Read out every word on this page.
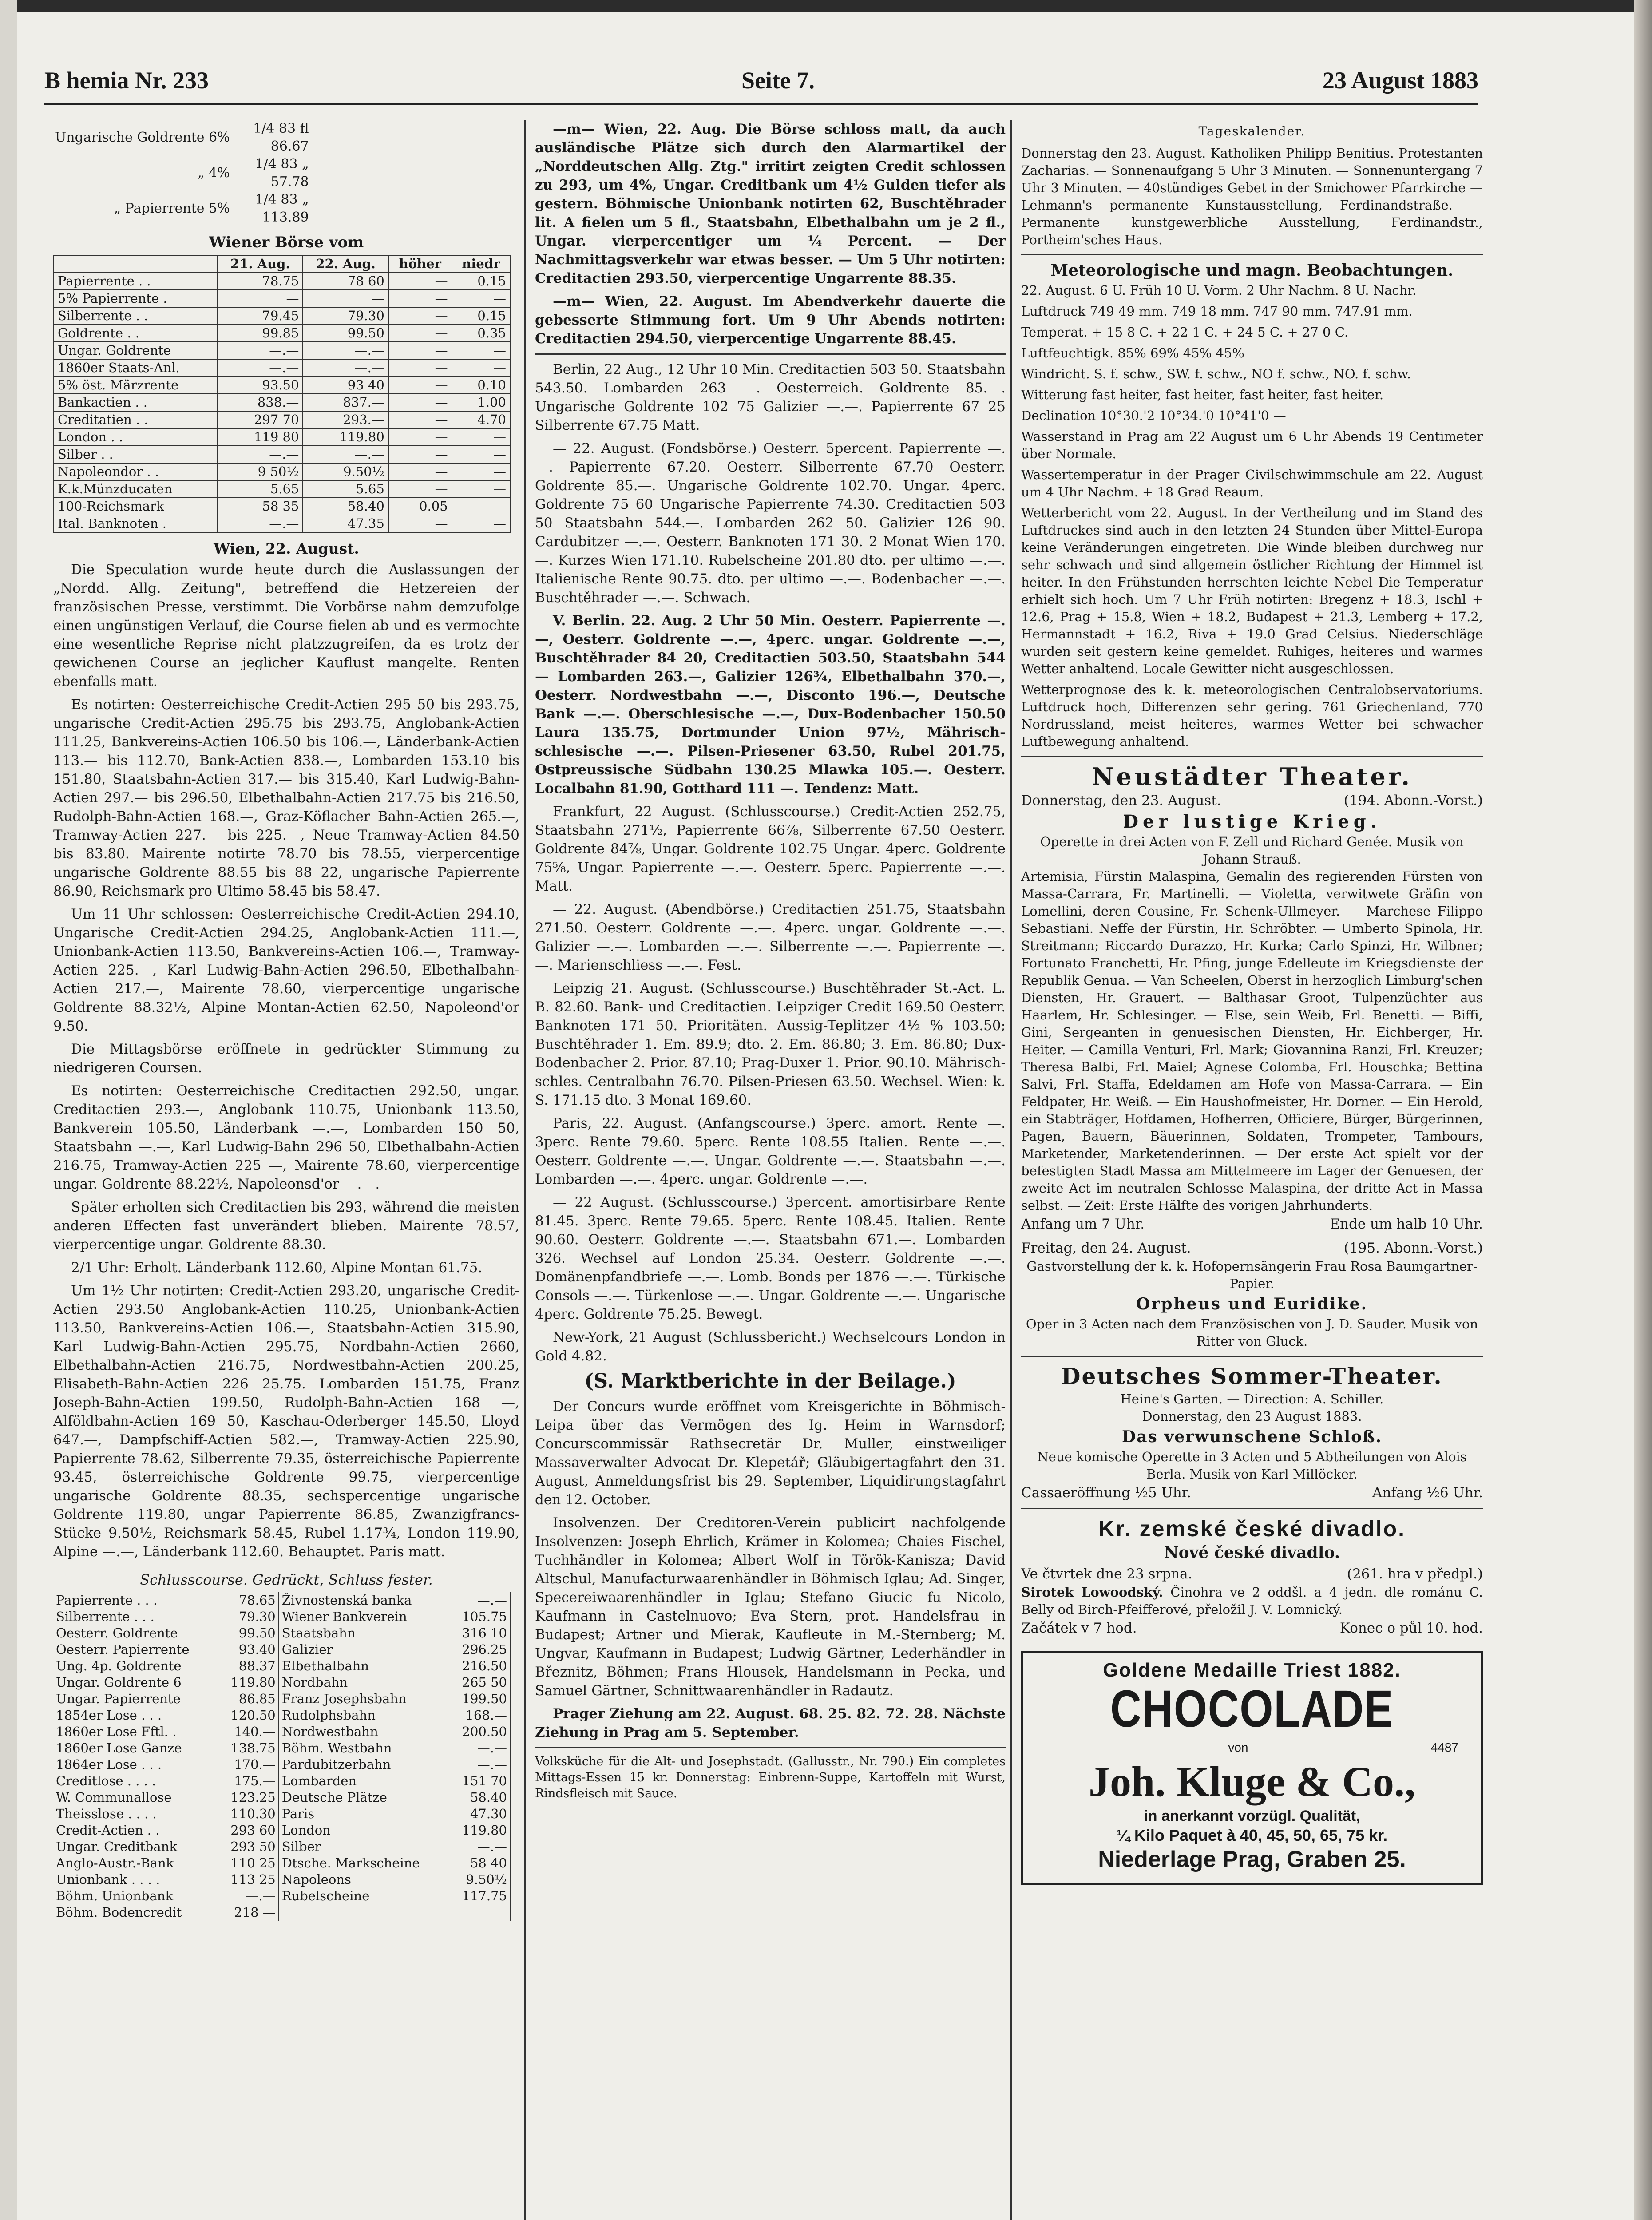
B hemia Nr. 233	Seite 7.	23 August 1883
Ungarische Goldrente 6%	1/4 83 fl 86.67
„ 4%	1/4 83 „ 57.78
„ Papierrente 5%	1/4 83 „ 113.89
Wiener Börse vom
	21. Aug.	22. Aug.	höher	niedr
Papierrente . .	78.75	78 60	—	0.15
5% Papierrente .	—	—	—	—
Silberrente . .	79.45	79.30	—	0.15
Goldrente . .	99.85	99.50	—	0.35
Ungar. Goldrente	—.—	—.—	—	—
1860er Staats-Anl.	—.—	—.—	—	—
5% öst. Märzrente	93.50	93 40	—	0.10
Bankactien . .	838.—	837.—	—	1.00
Creditatien . .	297 70	293.—	—	4.70
London . .	119 80	119.80	—	—
Silber . .	—.—	—.—	—	—
Napoleondor . .	9 50½	9.50½	—	—
K.k.Münzducaten	5.65	5.65	—	—
100-Reichsmark	58 35	58.40	0.05	—
Ital. Banknoten .	—.—	47.35	—	—
Wien, 22. August.

Die Speculation wurde heute durch die Auslassungen der „Nordd. Allg. Zeitung", betreffend die Hetzereien der französischen Presse, verstimmt. Die Vorbörse nahm demzufolge einen ungünstigen Verlauf, die Course fielen ab und es vermochte eine wesentliche Reprise nicht platzzugreifen, da es trotz der gewichenen Course an jeglicher Kauflust mangelte. Renten ebenfalls matt.

Es notirten: Oesterreichische Credit-Actien 295 50 bis 293.75, ungarische Credit-Actien 295.75 bis 293.75, Anglobank-Actien 111.25, Bankvereins-Actien 106.50 bis 106.—, Länderbank-Actien 113.— bis 112.70, Bank-Actien 838.—, Lombarden 153.10 bis 151.80, Staatsbahn-Actien 317.— bis 315.40, Karl Ludwig-Bahn-Actien 297.— bis 296.50, Elbethalbahn-Actien 217.75 bis 216.50, Rudolph-Bahn-Actien 168.—, Graz-Köflacher Bahn-Actien 265.—, Tramway-Actien 227.— bis 225.—, Neue Tramway-Actien 84.50 bis 83.80. Mairente notirte 78.70 bis 78.55, vierpercentige ungarische Goldrente 88.55 bis 88 22, ungarische Papierrente 86.90, Reichsmark pro Ultimo 58.45 bis 58.47.

Um 11 Uhr schlossen: Oesterreichische Credit-Actien 294.10, Ungarische Credit-Actien 294.25, Anglobank-Actien 111.—, Unionbank-Actien 113.50, Bankvereins-Actien 106.—, Tramway-Actien 225.—, Karl Ludwig-Bahn-Actien 296.50, Elbethalbahn-Actien 217.—, Mairente 78.60, vierpercentige ungarische Goldrente 88.32½, Alpine Montan-Actien 62.50, Napoleond'or 9.50.

Die Mittagsbörse eröffnete in gedrückter Stimmung zu niedrigeren Coursen.

Es notirten: Oesterreichische Creditactien 292.50, ungar. Creditactien 293.—, Anglobank 110.75, Unionbank 113.50, Bankverein 105.50, Länderbank —.—, Lombarden 150 50, Staatsbahn —.—, Karl Ludwig-Bahn 296 50, Elbethalbahn-Actien 216.75, Tramway-Actien 225 —, Mairente 78.60, vierpercentige ungar. Goldrente 88.22½, Napoleonsd'or —.—.

Später erholten sich Creditactien bis 293, während die meisten anderen Effecten fast unverändert blieben. Mairente 78.57, vierpercentige ungar. Goldrente 88.30.

2/1 Uhr: Erholt. Länderbank 112.60, Alpine Montan 61.75.

Um 1½ Uhr notirten: Credit-Actien 293.20, ungarische Credit-Actien 293.50 Anglobank-Actien 110.25, Unionbank-Actien 113.50, Bankvereins-Actien 106.—, Staatsbahn-Actien 315.90, Karl Ludwig-Bahn-Actien 295.75, Nordbahn-Actien 2660, Elbethalbahn-Actien 216.75, Nordwestbahn-Actien 200.25, Elisabeth-Bahn-Actien 226 25.75. Lombarden 151.75, Franz Joseph-Bahn-Actien 199.50, Rudolph-Bahn-Actien 168 —, Alföldbahn-Actien 169 50, Kaschau-Oderberger 145.50, Lloyd 647.—, Dampfschiff-Actien 582.—, Tramway-Actien 225.90, Papierrente 78.62, Silberrente 79.35, österreichische Papierrente 93.45, österreichische Goldrente 99.75, vierpercentige ungarische Goldrente 88.35, sechspercentige ungarische Goldrente 119.80, ungar Papierrente 86.85, Zwanzigfrancs-Stücke 9.50½, Reichsmark 58.45, Rubel 1.17¾, London 119.90, Alpine —.—, Länderbank 112.60. Behauptet. Paris matt.

Schlusscourse. Gedrückt, Schluss fester.
Papierrente . . .	78.65	Živnostenská banka	—.—
Silberrente . . .	79.30	Wiener Bankverein	105.75
Oesterr. Goldrente	99.50	Staatsbahn	316 10
Oesterr. Papierrente	93.40	Galizier	296.25
Ung. 4p. Goldrente	88.37	Elbethalbahn	216.50
Ungar. Goldrente 6	119.80	Nordbahn	265 50
Ungar. Papierrente	86.85	Franz Josephsbahn	199.50
1854er Lose . . .	120.50	Rudolphsbahn	168.—
1860er Lose Fftl. .	140.—	Nordwestbahn	200.50
1860er Lose Ganze	138.75	Böhm. Westbahn	—.—
1864er Lose . . .	170.—	Pardubitzerbahn	—.—
Creditlose . . . .	175.—	Lombarden	151 70
W. Communallose	123.25	Deutsche Plätze	58.40
Theisslose . . . .	110.30	Paris	47.30
Credit-Actien . .	293 60	London	119.80
Ungar. Creditbank	293 50	Silber	—.—
Anglo-Austr.-Bank	110 25	Dtsche. Markscheine	58 40
Unionbank . . . .	113 25	Napoleons	9.50½
Böhm. Unionbank	—.—	Rubelscheine	117.75
Böhm. Bodencredit	218 —		

—m— Wien, 22. Aug. Die Börse schloss matt, da auch ausländische Plätze sich durch den Alarmartikel der „Norddeutschen Allg. Ztg." irritirt zeigten Credit schlossen zu 293, um 4%, Ungar. Creditbank um 4½ Gulden tiefer als gestern. Böhmische Unionbank notirten 62, Buschtěhrader lit. A fielen um 5 fl., Staatsbahn, Elbethalbahn um je 2 fl., Ungar. vierpercentiger um ¼ Percent. — Der Nachmittagsverkehr war etwas besser. — Um 5 Uhr notirten: Creditactien 293.50, vierpercentige Ungarrente 88.35.

—m— Wien, 22. August. Im Abendverkehr dauerte die gebesserte Stimmung fort. Um 9 Uhr Abends notirten: Creditactien 294.50, vierpercentige Ungarrente 88.45.

Berlin, 22 Aug., 12 Uhr 10 Min. Creditactien 503 50. Staatsbahn 543.50. Lombarden 263 —. Oesterreich. Goldrente 85.—. Ungarische Goldrente 102 75 Galizier —.—. Papierrente 67 25 Silberrente 67.75 Matt.

— 22. August. (Fondsbörse.) Oesterr. 5percent. Papierrente —.—. Papierrente 67.20. Oesterr. Silberrente 67.70 Oesterr. Goldrente 85.—. Ungarische Goldrente 102.70. Ungar. 4perc. Goldrente 75 60 Ungarische Papierrente 74.30. Creditactien 503 50 Staatsbahn 544.—. Lombarden 262 50. Galizier 126 90. Cardubitzer —.—. Oesterr. Banknoten 171 30. 2 Monat Wien 170.—. Kurzes Wien 171.10. Rubelscheine 201.80 dto. per ultimo —.—. Italienische Rente 90.75. dto. per ultimo —.—. Bodenbacher —.—. Buschtěhrader —.—. Schwach.

V. Berlin. 22. Aug. 2 Uhr 50 Min. Oesterr. Papierrente —.—, Oesterr. Goldrente —.—, 4perc. ungar. Goldrente —.—, Buschtěhrader 84 20, Creditactien 503.50, Staatsbahn 544 — Lombarden 263.—, Galizier 126¾, Elbethalbahn 370.—, Oesterr. Nordwestbahn —.—, Disconto 196.—, Deutsche Bank —.—. Oberschlesische —.—, Dux-Bodenbacher 150.50 Laura 135.75, Dortmunder Union 97½, Mährisch-schlesische —.—. Pilsen-Priesener 63.50, Rubel 201.75, Ostpreussische Südbahn 130.25 Mlawka 105.—. Oesterr. Localbahn 81.90, Gotthard 111 —. Tendenz: Matt.

Frankfurt, 22 August. (Schlusscourse.) Credit-Actien 252.75, Staatsbahn 271½, Papierrente 66⅞, Silberrente 67.50 Oesterr. Goldrente 84⅞, Ungar. Goldrente 102.75 Ungar. 4perc. Goldrente 75⅝, Ungar. Papierrente —.—. Oesterr. 5perc. Papierrente —.—. Matt.

— 22. August. (Abendbörse.) Creditactien 251.75, Staatsbahn 271.50. Oesterr. Goldrente —.—. 4perc. ungar. Goldrente —.—. Galizier —.—. Lombarden —.—. Silberrente —.—. Papierrente —.—. Marienschliess —.—. Fest.

Leipzig 21. August. (Schlusscourse.) Buschtěhrader St.-Act. L. B. 82.60. Bank- und Creditactien. Leipziger Credit 169.50 Oesterr. Banknoten 171 50. Prioritäten. Aussig-Teplitzer 4½ % 103.50; Buschtěhrader 1. Em. 89.9; dto. 2. Em. 86.80; 3. Em. 86.80; Dux-Bodenbacher 2. Prior. 87.10; Prag-Duxer 1. Prior. 90.10. Mährisch-schles. Centralbahn 76.70. Pilsen-Priesen 63.50. Wechsel. Wien: k. S. 171.15 dto. 3 Monat 169.60.

Paris, 22. August. (Anfangscourse.) 3perc. amort. Rente —. 3perc. Rente 79.60. 5perc. Rente 108.55 Italien. Rente —.—. Oesterr. Goldrente —.—. Ungar. Goldrente —.—. Staatsbahn —.—. Lombarden —.—. 4perc. ungar. Goldrente —.—.

— 22 August. (Schlusscourse.) 3percent. amortisirbare Rente 81.45. 3perc. Rente 79.65. 5perc. Rente 108.45. Italien. Rente 90.60. Oesterr. Goldrente —.—. Staatsbahn 671.—. Lombarden 326. Wechsel auf London 25.34. Oesterr. Goldrente —.—. Domänenpfandbriefe —.—. Lomb. Bonds per 1876 —.—. Türkische Consols —.—. Türkenlose —.—. Ungar. Goldrente —.—. Ungarische 4perc. Goldrente 75.25. Bewegt.

New-York, 21 August (Schlussbericht.) Wechselcours London in Gold 4.82.

(S. Marktberichte in der Beilage.)

Der Concurs wurde eröffnet vom Kreisgerichte in Böhmisch-Leipa über das Vermögen des Ig. Heim in Warnsdorf; Concurscommissär Rathsecretär Dr. Muller, einstweiliger Massaverwalter Advocat Dr. Klepetář; Gläubigertagfahrt den 31. August, Anmeldungsfrist bis 29. September, Liquidirungstagfahrt den 12. October.

Insolvenzen. Der Creditoren-Verein publicirt nachfolgende Insolvenzen: Joseph Ehrlich, Krämer in Kolomea; Chaies Fischel, Tuchhändler in Kolomea; Albert Wolf in Török-Kanisza; David Altschul, Manufacturwaarenhändler in Böhmisch Iglau; Ad. Singer, Specereiwaarenhändler in Iglau; Stefano Giucic fu Nicolo, Kaufmann in Castelnuovo; Eva Stern, prot. Handelsfrau in Budapest; Artner und Mierak, Kaufleute in M.-Sternberg; M. Ungvar, Kaufmann in Budapest; Ludwig Gärtner, Lederhändler in Březnitz, Böhmen; Frans Hlousek, Handelsmann in Pecka, und Samuel Gärtner, Schnittwaarenhändler in Radautz.

Prager Ziehung am 22. August. 68. 25. 82. 72. 28. Nächste Ziehung in Prag am 5. September.

Volksküche für die Alt- und Josephstadt. (Gallusstr., Nr. 790.) Ein completes Mittags-Essen 15 kr. Donnerstag: Einbrenn-Suppe, Kartoffeln mit Wurst, Rindsfleisch mit Sauce.
Tageskalender.

Donnerstag den 23. August. Katholiken Philipp Benitius. Protestanten Zacharias. — Sonnenaufgang 5 Uhr 3 Minuten. — Sonnenuntergang 7 Uhr 3 Minuten. — 40stündiges Gebet in der Smichower Pfarrkirche — Lehmann's permanente Kunstausstellung, Ferdinandstraße. — Permanente kunstgewerbliche Ausstellung, Ferdinandstr., Portheim'sches Haus.

Meteorologische und magn. Beobachtungen.

22. August. 6 U. Früh 10 U. Vorm. 2 Uhr Nachm. 8 U. Nachr.

Luftdruck 749 49 mm. 749 18 mm. 747 90 mm. 747.91 mm.

Temperat. + 15 8 C. + 22 1 C. + 24 5 C. + 27 0 C.

Luftfeuchtigk. 85% 69% 45% 45%

Windricht. S. f. schw., SW. f. schw., NO f. schw., NO. f. schw.

Witterung fast heiter, fast heiter, fast heiter, fast heiter.

Declination 10°30.'2 10°34.'0 10°41'0 —

Wasserstand in Prag am 22 August um 6 Uhr Abends 19 Centimeter über Normale.

Wassertemperatur in der Prager Civilschwimmschule am 22. August um 4 Uhr Nachm. + 18 Grad Reaum.

Wetterbericht vom 22. August. In der Vertheilung und im Stand des Luftdruckes sind auch in den letzten 24 Stunden über Mittel-Europa keine Veränderungen eingetreten. Die Winde bleiben durchweg nur sehr schwach und sind allgemein östlicher Richtung der Himmel ist heiter. In den Frühstunden herrschten leichte Nebel Die Temperatur erhielt sich hoch. Um 7 Uhr Früh notirten: Bregenz + 18.3, Ischl + 12.6, Prag + 15.8, Wien + 18.2, Budapest + 21.3, Lemberg + 17.2, Hermannstadt + 16.2, Riva + 19.0 Grad Celsius. Niederschläge wurden seit gestern keine gemeldet. Ruhiges, heiteres und warmes Wetter anhaltend. Locale Gewitter nicht ausgeschlossen.

Wetterprognose des k. k. meteorologischen Centralobservatoriums. Luftdruck hoch, Differenzen sehr gering. 761 Griechenland, 770 Nordrussland, meist heiteres, warmes Wetter bei schwacher Luftbewegung anhaltend.

Neustädter Theater.
Donnerstag, den 23. August.	(194. Abonn.-Vorst.)
Der lustige Krieg.
Operette in drei Acten von F. Zell und Richard Genée. Musik von Johann Strauß.
Artemisia, Fürstin Malaspina, Gemalin des regierenden Fürsten von Massa-Carrara, Fr. Martinelli. — Violetta, verwitwete Gräfin von Lomellini, deren Cousine, Fr. Schenk-Ullmeyer. — Marchese Filippo Sebastiani. Neffe der Fürstin, Hr. Schröbter. — Umberto Spinola, Hr. Streitmann; Riccardo Durazzo, Hr. Kurka; Carlo Spinzi, Hr. Wilbner; Fortunato Franchetti, Hr. Pfing, junge Edelleute im Kriegsdienste der Republik Genua. — Van Scheelen, Oberst in herzoglich Limburg'schen Diensten, Hr. Grauert. — Balthasar Groot, Tulpenzüchter aus Haarlem, Hr. Schlesinger. — Else, sein Weib, Frl. Benetti. — Biffi, Gini, Sergeanten in genuesischen Diensten, Hr. Eichberger, Hr. Heiter. — Camilla Venturi, Frl. Mark; Giovannina Ranzi, Frl. Kreuzer; Theresa Balbi, Frl. Maiel; Agnese Colomba, Frl. Houschka; Bettina Salvi, Frl. Staffa, Edeldamen am Hofe von Massa-Carrara. — Ein Feldpater, Hr. Weiß. — Ein Haushofmeister, Hr. Dorner. — Ein Herold, ein Stabträger, Hofdamen, Hofherren, Officiere, Bürger, Bürgerinnen, Pagen, Bauern, Bäuerinnen, Soldaten, Trompeter, Tambours, Marketender, Marketenderinnen. — Der erste Act spielt vor der befestigten Stadt Massa am Mittelmeere im Lager der Genuesen, der zweite Act im neutralen Schlosse Malaspina, der dritte Act in Massa selbst. — Zeit: Erste Hälfte des vorigen Jahrhunderts.
Anfang um 7 Uhr.	Ende um halb 10 Uhr.
Freitag, den 24. August.	(195. Abonn.-Vorst.)
Gastvorstellung der k. k. Hofopernsängerin Frau Rosa Baumgartner-Papier.
Orpheus und Euridike.
Oper in 3 Acten nach dem Französischen von J. D. Sauder. Musik von Ritter von Gluck.
Deutsches Sommer-Theater.
Heine's Garten. — Direction: A. Schiller.
Donnerstag, den 23 August 1883.
Das verwunschene Schloß.
Neue komische Operette in 3 Acten und 5 Abtheilungen von Alois Berla. Musik von Karl Millöcker.
Cassaeröffnung ½5 Uhr.	Anfang ½6 Uhr.
Kr. zemské české divadlo.
Nové české divadlo.
Ve čtvrtek dne 23 srpna.	(261. hra v předpl.)
Sirotek Lowoodský. Činohra ve 2 oddšl. a 4 jedn. dle románu C. Belly od Birch-Pfeifferové, přeložil J. V. Lomnický.
Začátek v 7 hod.	Konec o půl 10. hod.
Goldene Medaille Triest 1882.
CHOCOLADE
von	4487
Joh. Kluge & Co.,
in anerkannt vorzügl. Qualität,
¼ Kilo Paquet à 40, 45, 50, 65, 75 kr.
Niederlage Prag, Graben 25.
